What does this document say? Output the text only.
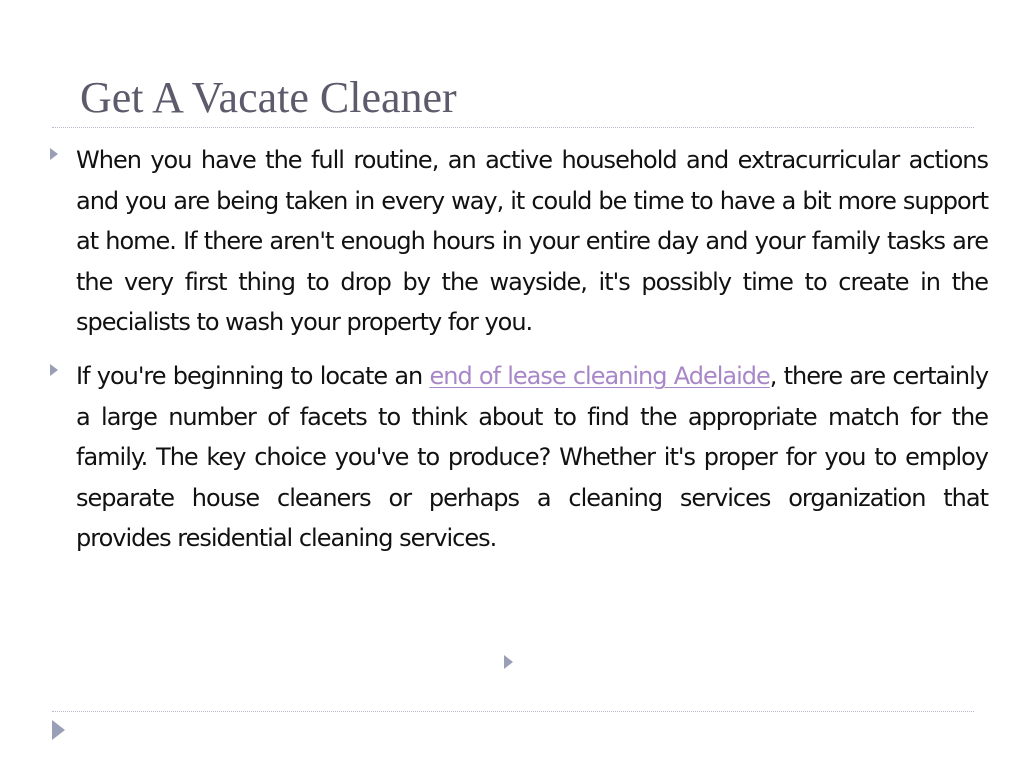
Get A Vacate Cleaner

When you have the full routine, an active household and extracurricular actions and you are being taken in every way, it could be time to have a bit more support at home. If there aren't enough hours in your entire day and your family tasks are the very first thing to drop by the wayside, it's possibly time to create in the specialists to wash your property for you.

If you're beginning to locate an end of lease cleaning Adelaide, there are certainly a large number of facets to think about to find the appropriate match for the family. The key choice you've to produce? Whether it's proper for you to employ separate house cleaners or perhaps a cleaning services organization that provides residential cleaning services.
